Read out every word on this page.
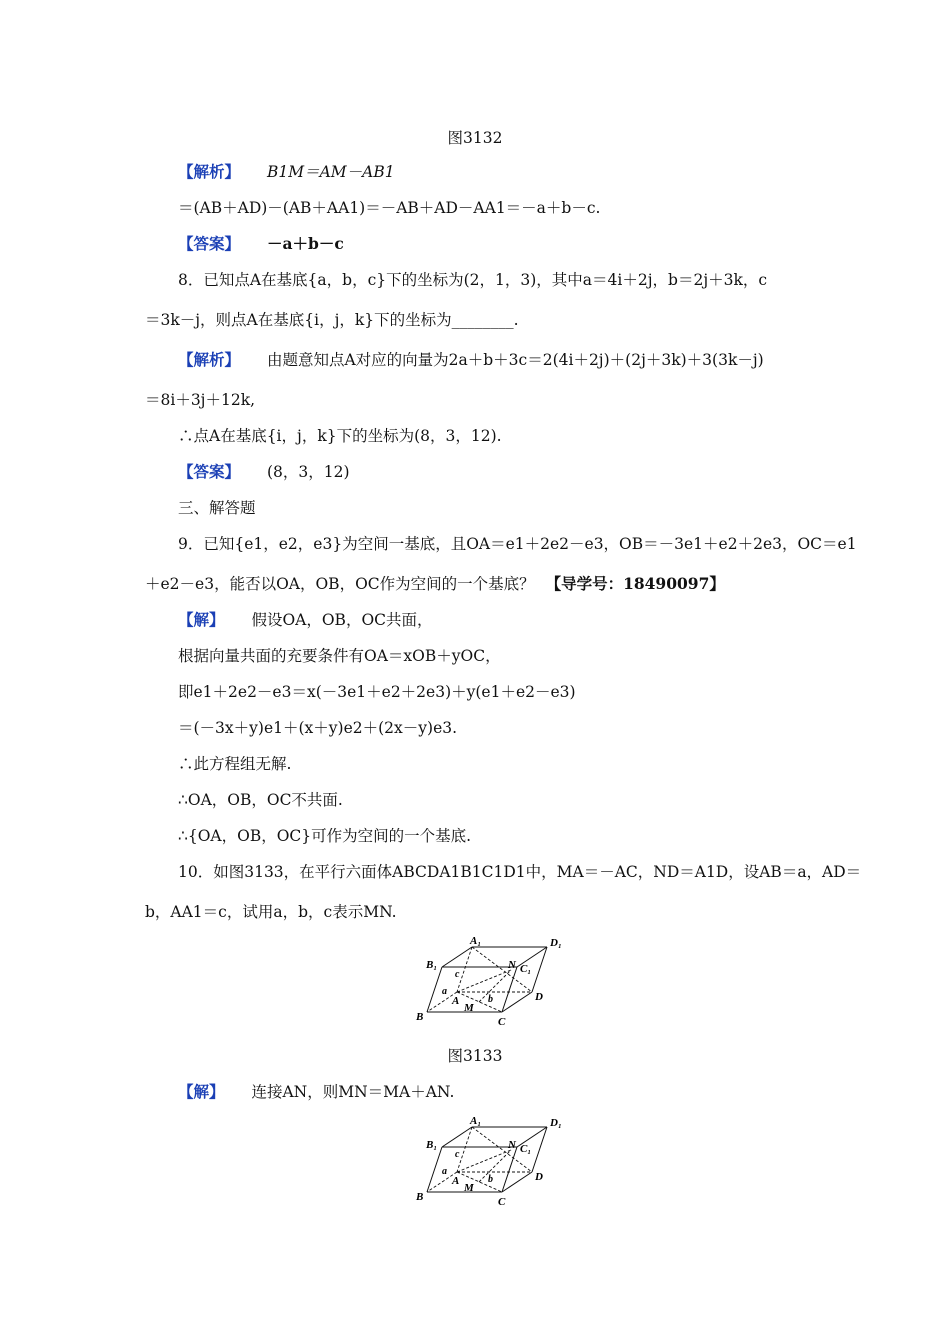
图3132
【解析】 B1M＝AM－AB1
＝(AB＋AD)－(AB＋AA1)＝－AB＋AD－AA1＝－a＋b－c.
【答案】 －a＋b－c
8．已知点A在基底{a，b，c}下的坐标为(2，1，3)，其中a＝4i＋2j，b＝2j＋3k，c
＝3k－j，则点A在基底{i，j，k}下的坐标为________.
【解析】 由题意知点A对应的向量为2a＋b＋3c＝2(4i＋2j)＋(2j＋3k)＋3(3k－j)
＝8i＋3j＋12k,
∴点A在基底{i，j，k}下的坐标为(8，3，12).
【答案】 (8，3，12)
三、解答题
9．已知{e1，e2，e3}为空间一基底，且OA＝e1＋2e2－e3，OB＝－3e1＋e2＋2e3，OC＝e1
＋e2－e3，能否以OA，OB，OC作为空间的一个基底？ 【导学号：18490097】
【解】 假设OA，OB，OC共面，
根据向量共面的充要条件有OA＝xOB＋yOC，
即e1＋2e2－e3＝x(－3e1＋e2＋2e3)＋y(e1＋e2－e3)
＝(－3x＋y)e1＋(x＋y)e2＋(2x－y)e3.
∴此方程组无解.
∴OA，OB，OC不共面.
∴{OA，OB，OC}可作为空间的一个基底.
10．如图3133，在平行六面体ABCDA1B1C1D1中，MA＝－AC，ND＝A1D，设AB＝a，AD＝
b，AA1＝c，试用a，b，c表示MN.
A₁	D₁
B₁	C₁
B	C
D
A
M
N
a
b
c
图3133
【解】 连接AN，则MN＝MA＋AN.
A₁	D₁
B₁	C₁
B	C
D
A
M
N
a
b
c
